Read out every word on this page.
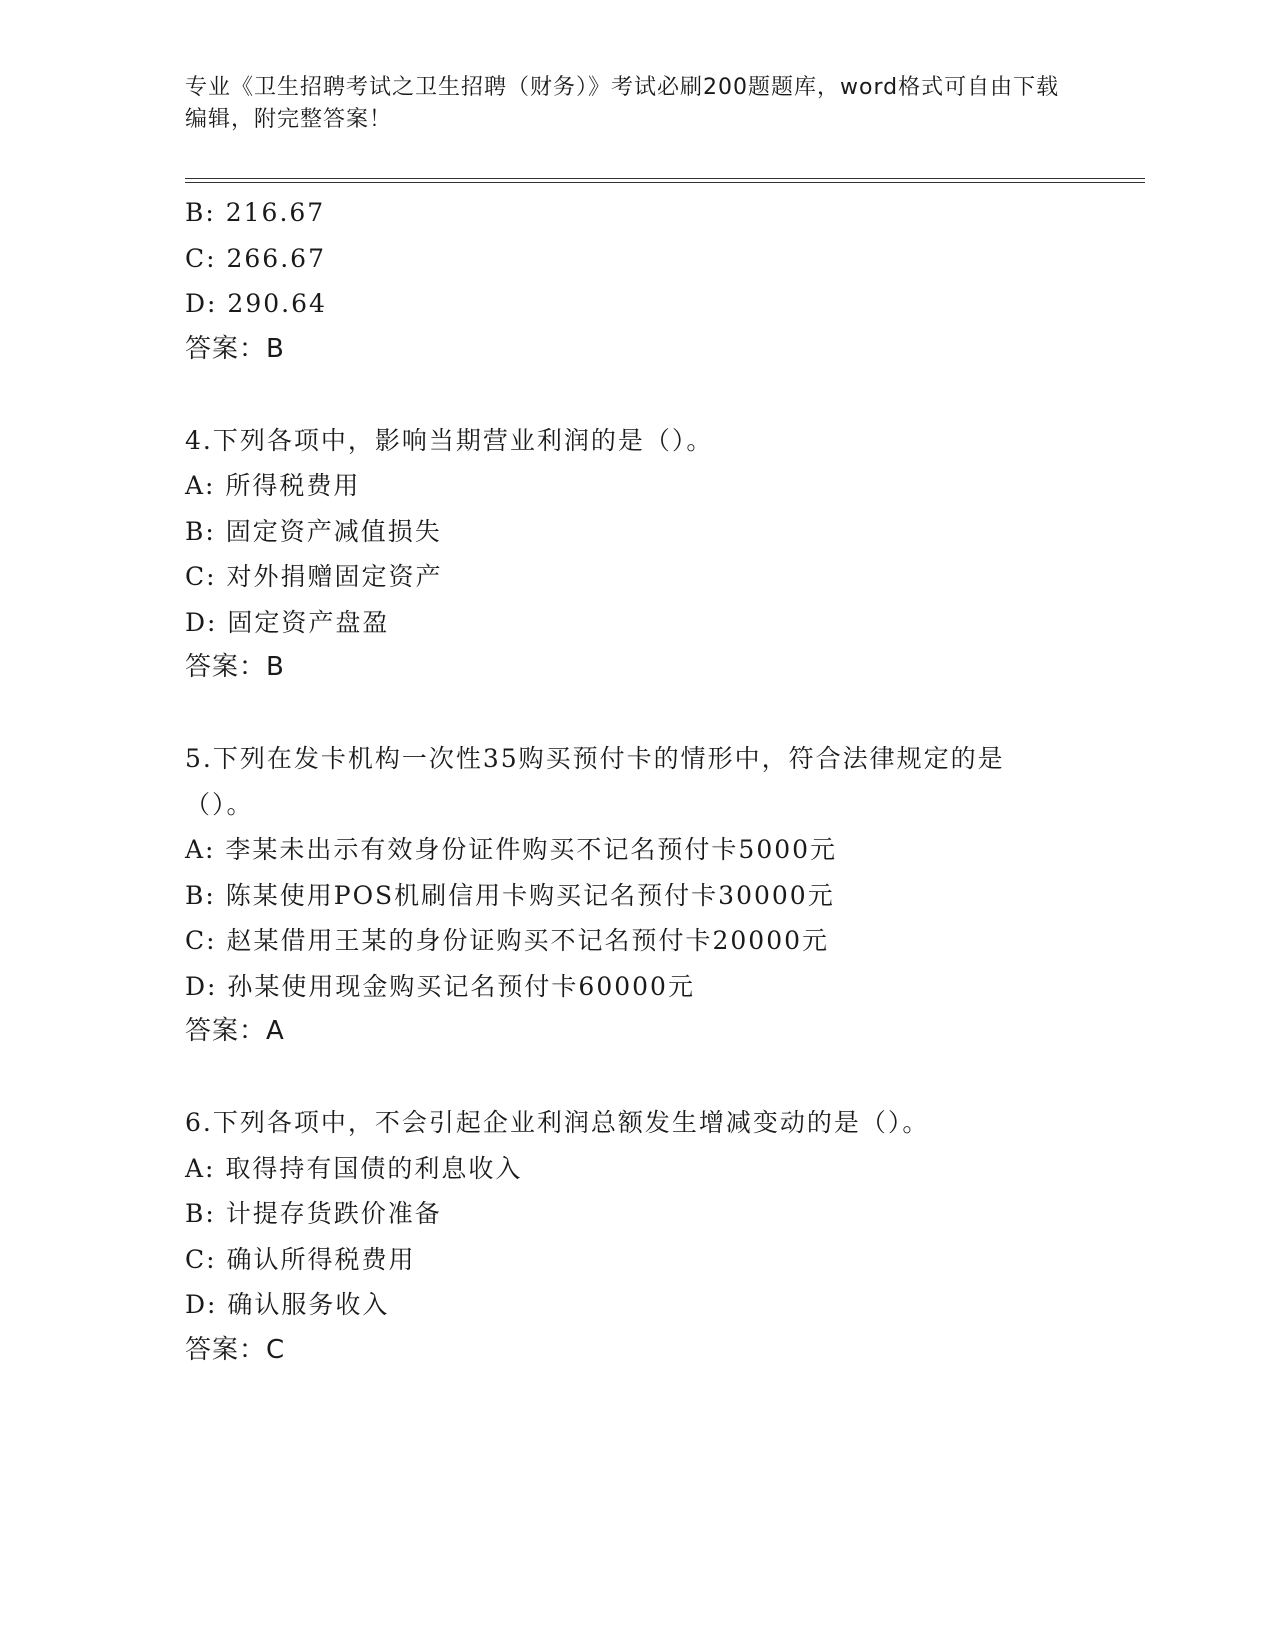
专业《卫生招聘考试之卫生招聘（财务）》考试必刷200题题库，word格式可自由下载编辑，附完整答案！
B: 216.67
C: 266.67
D: 290.64
答案：B
4.下列各项中，影响当期营业利润的是（）。
A: 所得税费用
B: 固定资产减值损失
C: 对外捐赠固定资产
D: 固定资产盘盈
答案：B
5.下列在发卡机构一次性35购买预付卡的情形中，符合法律规定的是（）。
A: 李某未出示有效身份证件购买不记名预付卡5000元
B: 陈某使用POS机刷信用卡购买记名预付卡30000元
C: 赵某借用王某的身份证购买不记名预付卡20000元
D: 孙某使用现金购买记名预付卡60000元
答案：A
6.下列各项中，不会引起企业利润总额发生增减变动的是（）。
A: 取得持有国债的利息收入
B: 计提存货跌价准备
C: 确认所得税费用
D: 确认服务收入
答案：C
